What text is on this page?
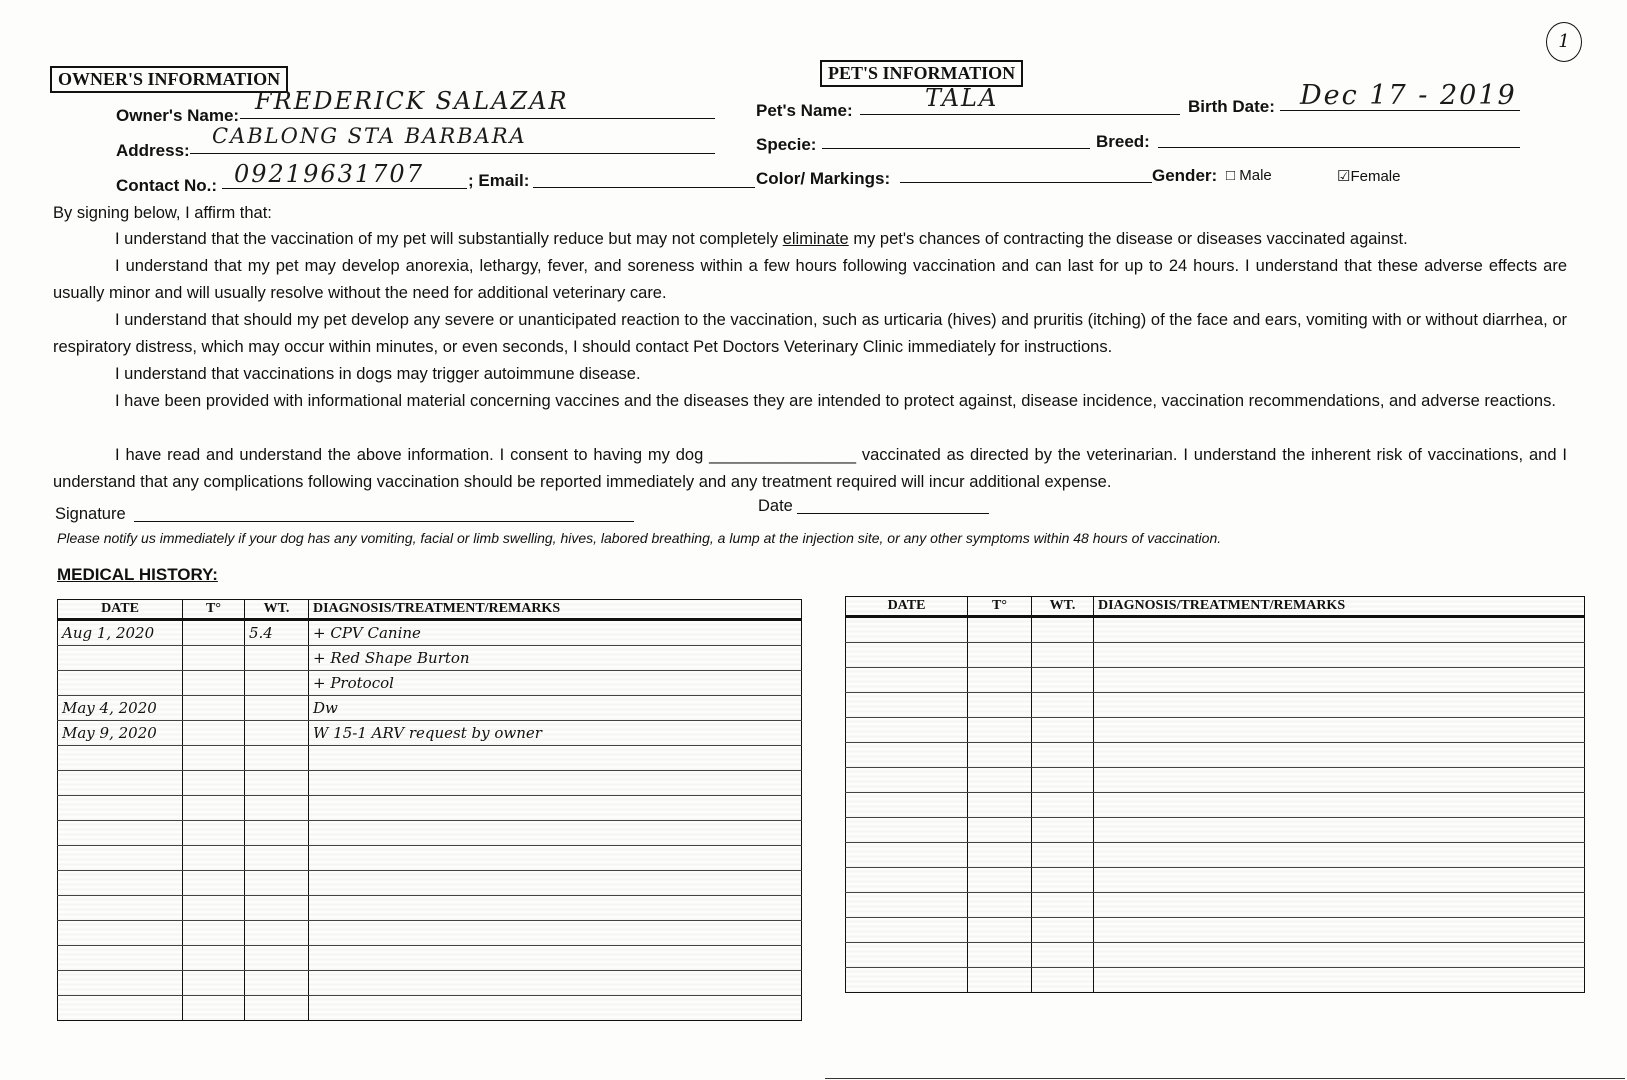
1
OWNER'S INFORMATION
Owner's Name:
FREDERICK SALAZAR
Address:
CABLONG STA BARBARA
Contact No.: 09219631707	; Email:
PET'S INFORMATION
Pet's Name:	TALA	Birth Date: Dec 17 - 2019
Specie:	Breed:
Color/ Markings:	Gender: □ Male	☑Female
By signing below, I affirm that:
I understand that the vaccination of my pet will substantially reduce but may not completely eliminate my pet's chances of contracting the disease or diseases vaccinated against.
I understand that my pet may develop anorexia, lethargy, fever, and soreness within a few hours following vaccination and can last for up to 24 hours. I understand that these adverse effects are usually minor and will usually resolve without the need for additional veterinary care.
I understand that should my pet develop any severe or unanticipated reaction to the vaccination, such as urticaria (hives) and pruritis (itching) of the face and ears, vomiting with or without diarrhea, or respiratory distress, which may occur within minutes, or even seconds, I should contact Pet Doctors Veterinary Clinic immediately for instructions.
I understand that vaccinations in dogs may trigger autoimmune disease.
I have been provided with informational material concerning vaccines and the diseases they are intended to protect against, disease incidence, vaccination recommendations, and adverse reactions.
I have read and understand the above information. I consent to having my dog ________________ vaccinated as directed by the veterinarian. I understand the inherent risk of vaccinations, and I understand that any complications following vaccination should be reported immediately and any treatment required will incur additional expense.
Signature	Date
Please notify us immediately if your dog has any vomiting, facial or limb swelling, hives, labored breathing, a lump at the injection site, or any other symptoms within 48 hours of vaccination.
MEDICAL HISTORY:
DATE	T°	WT.	DIAGNOSIS/TREATMENT/REMARKS
Aug 1, 2020		5.4	+ CPV Canine
			+ Red Shape Burton
			+ Protocol
May 4, 2020			Dw
May 9, 2020			W 15-1 ARV request by owner

DATE	T°	WT.	DIAGNOSIS/TREATMENT/REMARKS
